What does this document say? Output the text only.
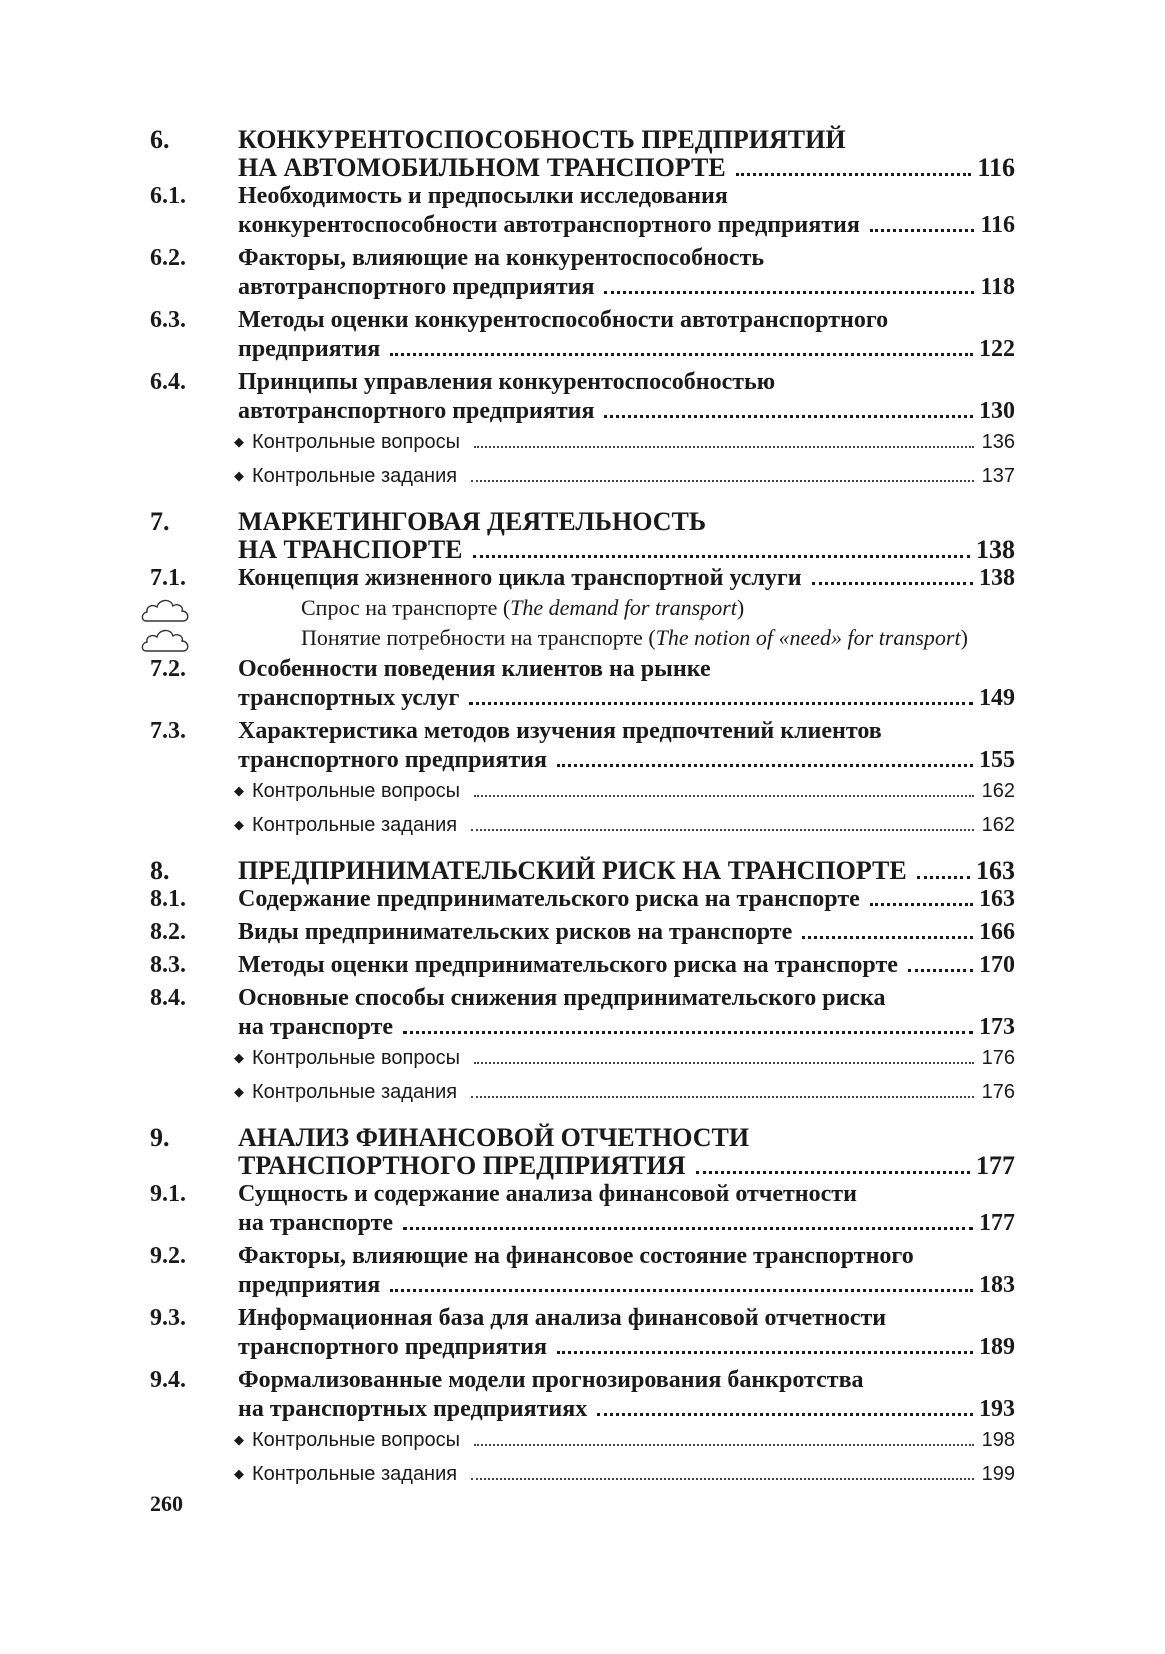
6.	КОНКУРЕНТОСПОСОБНОСТЬ ПРЕДПРИЯТИЙ
НА АВТОМОБИЛЬНОМ ТРАНСПОРТЕ	116
6.1. Необходимость и предпосылки исследования
конкурентоспособности автотранспортного предприятия	116
6.2. Факторы, влияющие на конкурентоспособность
автотранспортного предприятия	118
6.3. Методы оценки конкурентоспособности автотранспортного
предприятия	122
6.4. Принципы управления конкурентоспособностью
автотранспортного предприятия	130
◆ Контрольные вопросы	136
◆ Контрольные задания	137
7.	МАРКЕТИНГОВАЯ ДЕЯТЕЛЬНОСТЬ
НА ТРАНСПОРТЕ	138
7.1. Концепция жизненного цикла транспортной услуги	138
Спрос на транспорте (The demand for transport)
Понятие потребности на транспорте (The notion of «need» for transport)
7.2. Особенности поведения клиентов на рынке
транспортных услуг	149
7.3. Характеристика методов изучения предпочтений клиентов
транспортного предприятия	155
◆ Контрольные вопросы	162
◆ Контрольные задания	162
8.	ПРЕДПРИНИМАТЕЛЬСКИЙ РИСК НА ТРАНСПОРТЕ	163
8.1. Содержание предпринимательского риска на транспорте	163
8.2. Виды предпринимательских рисков на транспорте	166
8.3. Методы оценки предпринимательского риска на транспорте	170
8.4. Основные способы снижения предпринимательского риска
на транспорте	173
◆ Контрольные вопросы	176
◆ Контрольные задания	176
9.	АНАЛИЗ ФИНАНСОВОЙ ОТЧЕТНОСТИ
ТРАНСПОРТНОГО ПРЕДПРИЯТИЯ	177
9.1. Сущность и содержание анализа финансовой отчетности
на транспорте	177
9.2. Факторы, влияющие на финансовое состояние транспортного
предприятия	183
9.3. Информационная база для анализа финансовой отчетности
транспортного предприятия	189
9.4. Формализованные модели прогнозирования банкротства
на транспортных предприятиях	193
◆ Контрольные вопросы	198
◆ Контрольные задания	199
260
